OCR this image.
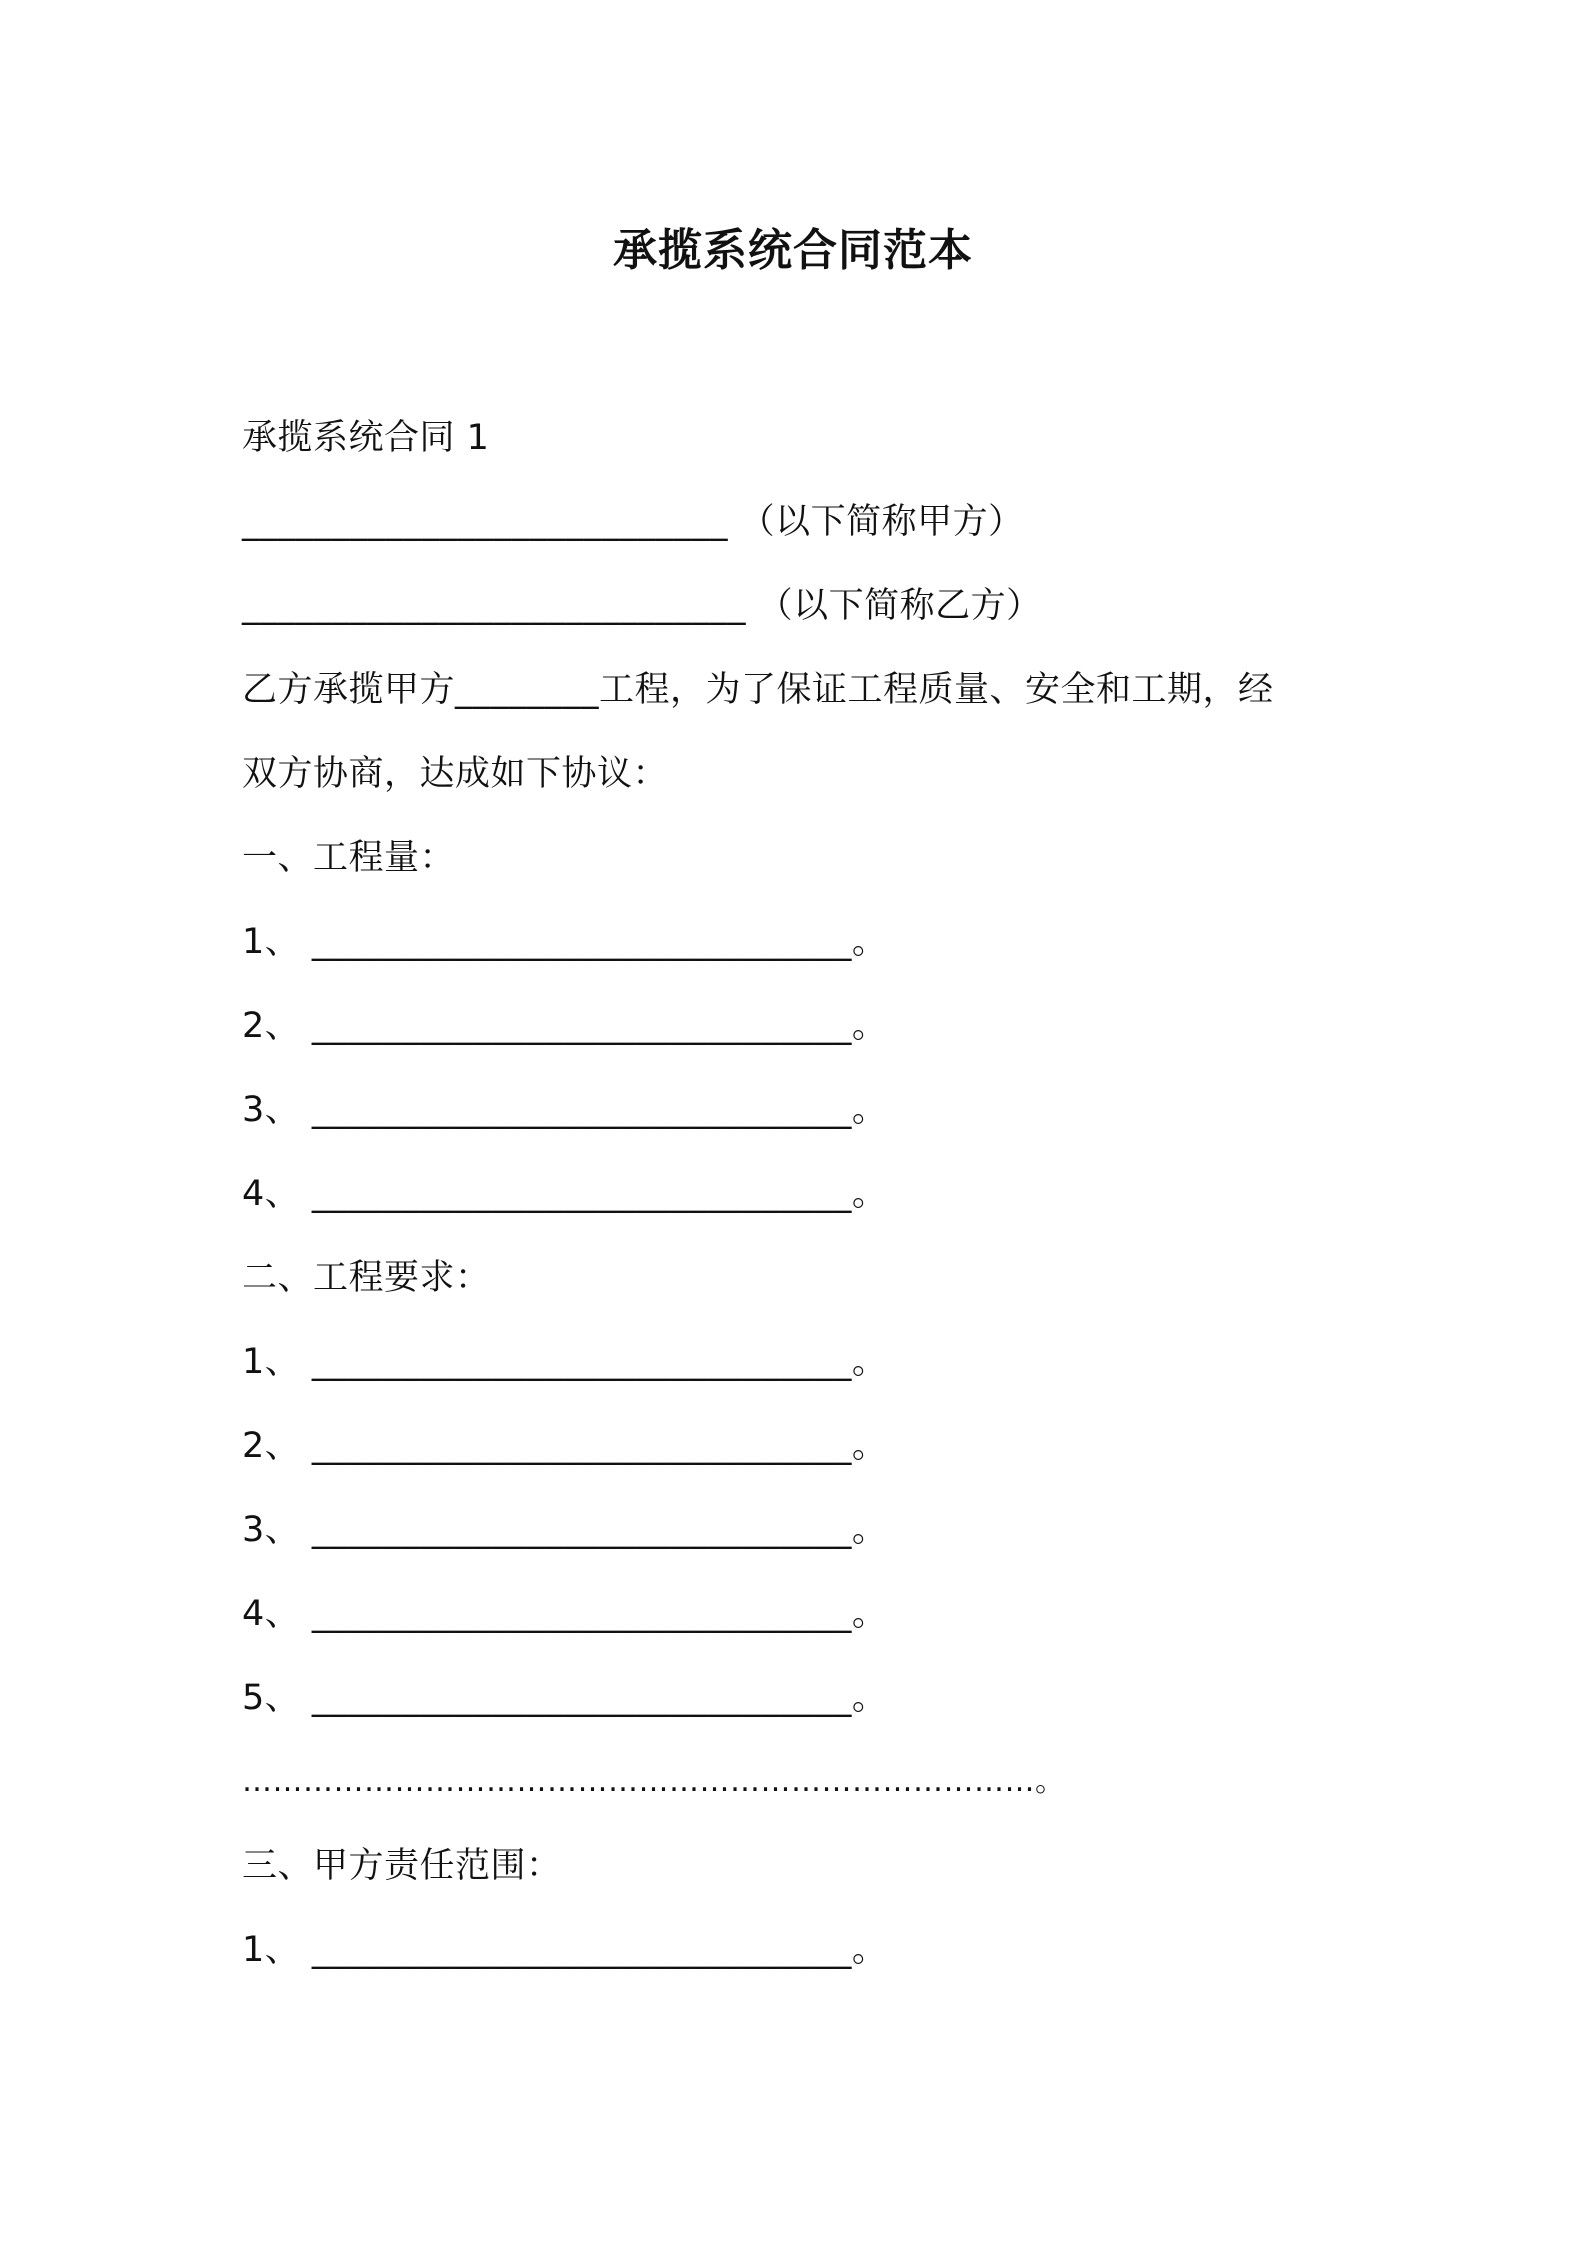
承揽系统合同范本
承揽系统合同 1
___________________________ （以下简称甲方）
____________________________ （以下简称乙方）
乙方承揽甲方________工程，为了保证工程质量、安全和工期，经
双方协商，达成如下协议：
一、工程量：
1、 ______________________________。
2、 ______________________________。
3、 ______________________________。
4、 ______________________________。
二、工程要求：
1、 ______________________________。
2、 ______________________________。
3、 ______________________________。
4、 ______________________________。
5、 ______________________________。
……………………………………………………………………。
三、甲方责任范围：
1、 ______________________________。
